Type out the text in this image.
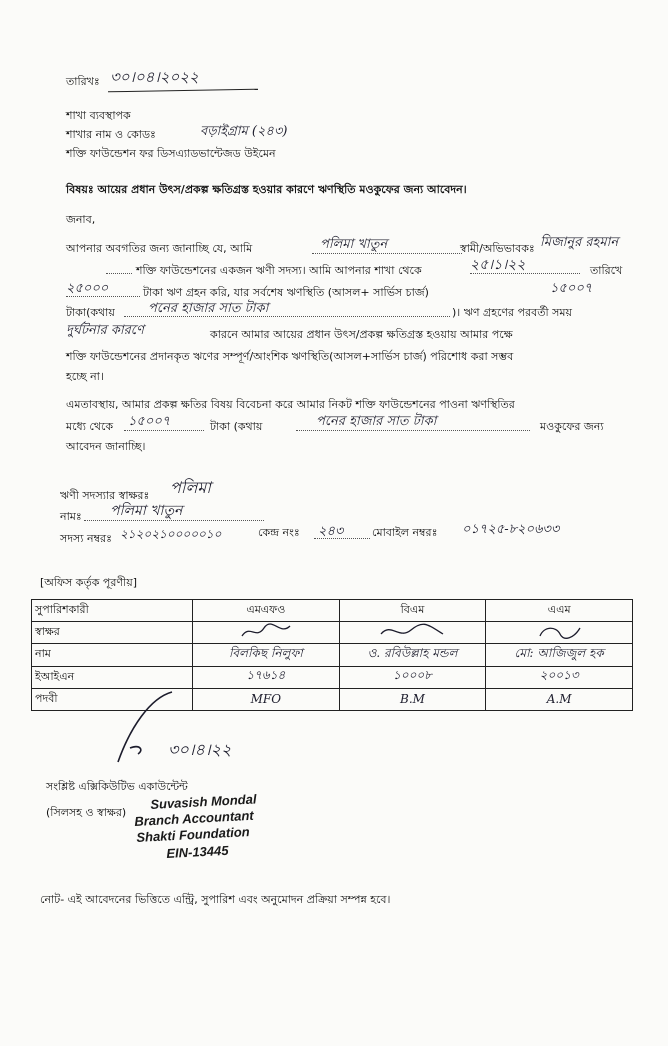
তারিখঃ ৩০।০৪।২০২২
শাখা ব্যবস্থাপক
শাখার নাম ও কোডঃ	বড়াইগ্রাম (২৪৩)
শক্তি ফাউন্ডেশন ফর ডিসএ্যাডভান্টেজড উইমেন
বিষয়ঃ আয়ের প্রধান উৎস/প্রকল্প ক্ষতিগ্রস্ত হওয়ার কারণে ঋণস্থিতি মওকুফের জন্য আবেদন।
জনাব,
আপনার অবগতির জন্য জানাচ্ছি যে, আমি	পলিমা খাতুন	স্বামী/অভিভাবকঃ মিজানুর রহমান
শক্তি ফাউন্ডেশনের একজন ঋণী সদস্য। আমি আপনার শাখা থেকে	২৫।১।২২	তারিখে
২৫০০০	টাকা ঋণ গ্রহন করি, যার সর্বশেষ ঋণস্থিতি (আসল+ সার্ভিস চার্জ)	১৫০০৭
টাকা(কথায়	পনের হাজার সাত টাকা	)। ঋণ গ্রহণের পরবর্তী সময়
দুর্ঘটনার কারণে	কারনে আমার আয়ের প্রধান উৎস/প্রকল্প ক্ষতিগ্রস্ত হওয়ায় আমার পক্ষে
শক্তি ফাউন্ডেশনের প্রদানকৃত ঋণের সম্পূর্ণ/আংশিক ঋণস্থিতি(আসল+সার্ভিস চার্জ) পরিশোধ করা সম্ভব
হচ্ছে না।
এমতাবস্থায়, আমার প্রকল্প ক্ষতির বিষয় বিবেচনা করে আমার নিকট শক্তি ফাউন্ডেশনের পাওনা ঋণস্থিতির
মধ্যে থেকে ১৫০০৭	টাকা (কথায়	পনের হাজার সাত টাকা	মওকুফের জন্য
আবেদন জানাচ্ছি।
ঋণী সদস্যার স্বাক্ষরঃ পলিমা
নামঃ পলিমা খাতুন
সদস্য নম্বরঃ ২১২০২১০০০০০১০	কেন্দ্র নংঃ ২৪৩	মোবাইল নম্বরঃ ০১৭২৫-৮২০৬৩৩
[অফিস কর্তৃক পূরণীয়]
সুপারিশকারী	এমএফও	বিএম	এএম
স্বাক্ষর			
নাম	বিলকিছ নিলুফা	ও. রবিউল্লাহ মন্ডল	মো: আজিজুল হক
ইআইএন	১৭৬১৪	১০০০৮	২০০১৩
পদবী	MFO	B.M	A.M
৩০।৪।২২
সংশ্লিষ্ট এক্সিকিউটিভ একাউন্টেন্ট
(সিলসহ ও স্বাক্ষর)
Suvasish Mondal
Branch Accountant
Shakti Foundation
EIN-13445
নোট- এই আবেদনের ভিত্তিতে এন্ট্রি, সুপারিশ এবং অনুমোদন প্রক্রিয়া সম্পন্ন হবে।
